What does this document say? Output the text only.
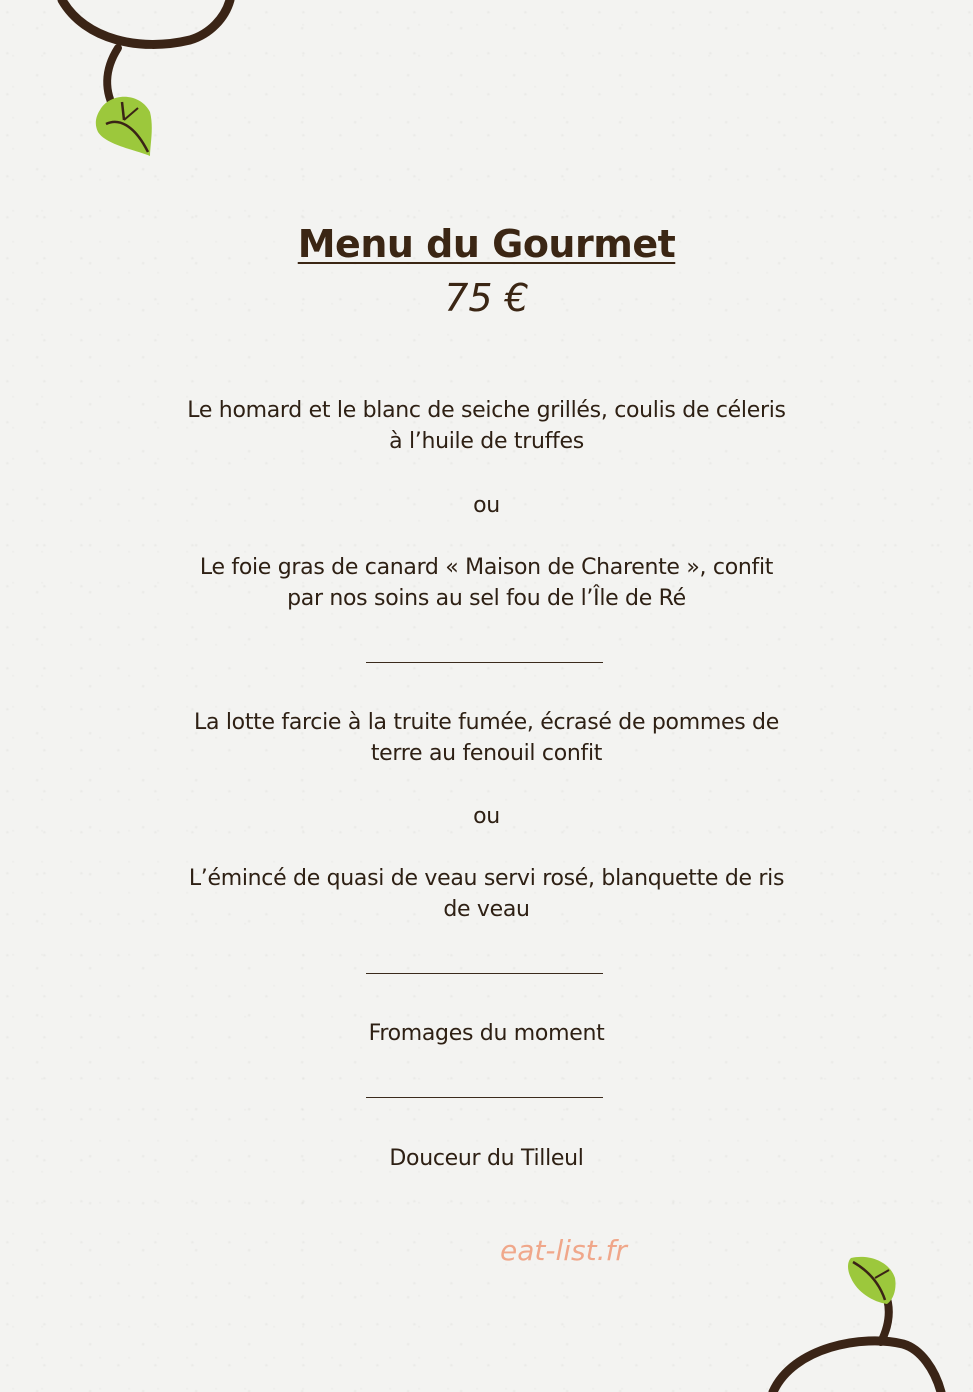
Menu du Gourmet
75 €
Le homard et le blanc de seiche grillés, coulis de céleris
à l’huile de truffes
ou
Le foie gras de canard « Maison de Charente », confit
par nos soins au sel fou de l’Île de Ré
La lotte farcie à la truite fumée, écrasé de pommes de
terre au fenouil confit
ou
L’émincé de quasi de veau servi rosé, blanquette de ris
de veau
Fromages du moment
Douceur du Tilleul
eat-list.fr
